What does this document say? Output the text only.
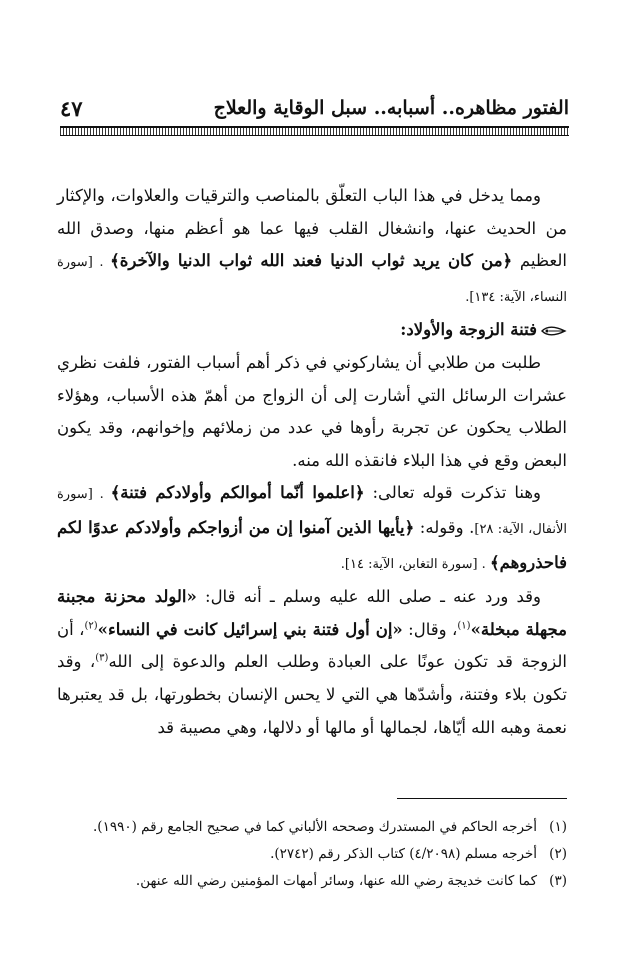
الفتور مظاهره.. أسبابه.. سبل الوقاية والعلاج
٤٧

ومما يدخل في هذا الباب التعلّق بالمناصب والترقيات والعلاوات، والإكثار من الحديث عنها، وانشغال القلب فيها عما هو أعظم منها، وصدق الله العظيم ﴿من كان يريد ثواب الدنيا فعند الله ثواب الدنيا والآخرة﴾ . [سورة النساء، الآية: ١٣٤].

فتنة الزوجة والأولاد:

طلبت من طلابي أن يشاركوني في ذكر أهم أسباب الفتور، فلفت نظري عشرات الرسائل التي أشارت إلى أن الزواج من أهمّ هذه الأسباب، وهؤلاء الطلاب يحكون عن تجربة رأوها في عدد من زملائهم وإخوانهم، وقد يكون البعض وقع في هذا البلاء فانقذه الله منه.

وهنا تذكرت قوله تعالى: ﴿اعلموا أنّما أموالكم وأولادكم فتنة﴾ . [سورة الأنفال، الآية: ٢٨]. وقوله: ﴿يأيها الذين آمنوا إن من أزواجكم وأولادكم عدوًا لكم فاحذروهم﴾ . [سورة التغابن، الآية: ١٤].

وقد ورد عنه ـ صلى الله عليه وسلم ـ أنه قال: «الولد محزنة مجبنة مجهلة مبخلة»$^{(١)}$، وقال: «إن أول فتنة بني إسرائيل كانت في النساء»$^{(٢)}$، أن الزوجة قد تكون عونًا على العبادة وطلب العلم والدعوة إلى الله$^{(٣)}$، وقد تكون بلاء وفتنة، وأشدّها هي التي لا يحس الإنسان بخطورتها، بل قد يعتبرها نعمة وهبه الله أيّاها، لجمالها أو مالها أو دلالها، وهي مصيبة قد

(١)
أخرجه الحاكم في المستدرك وصححه الألباني كما في صحيح الجامع رقم (١٩٩٠).
(٢)
أخرجه مسلم (٤/٢٠٩٨) كتاب الذكر رقم (٢٧٤٢).
(٣)
كما كانت خديجة رضي الله عنها، وسائر أمهات المؤمنين رضي الله عنهن.
